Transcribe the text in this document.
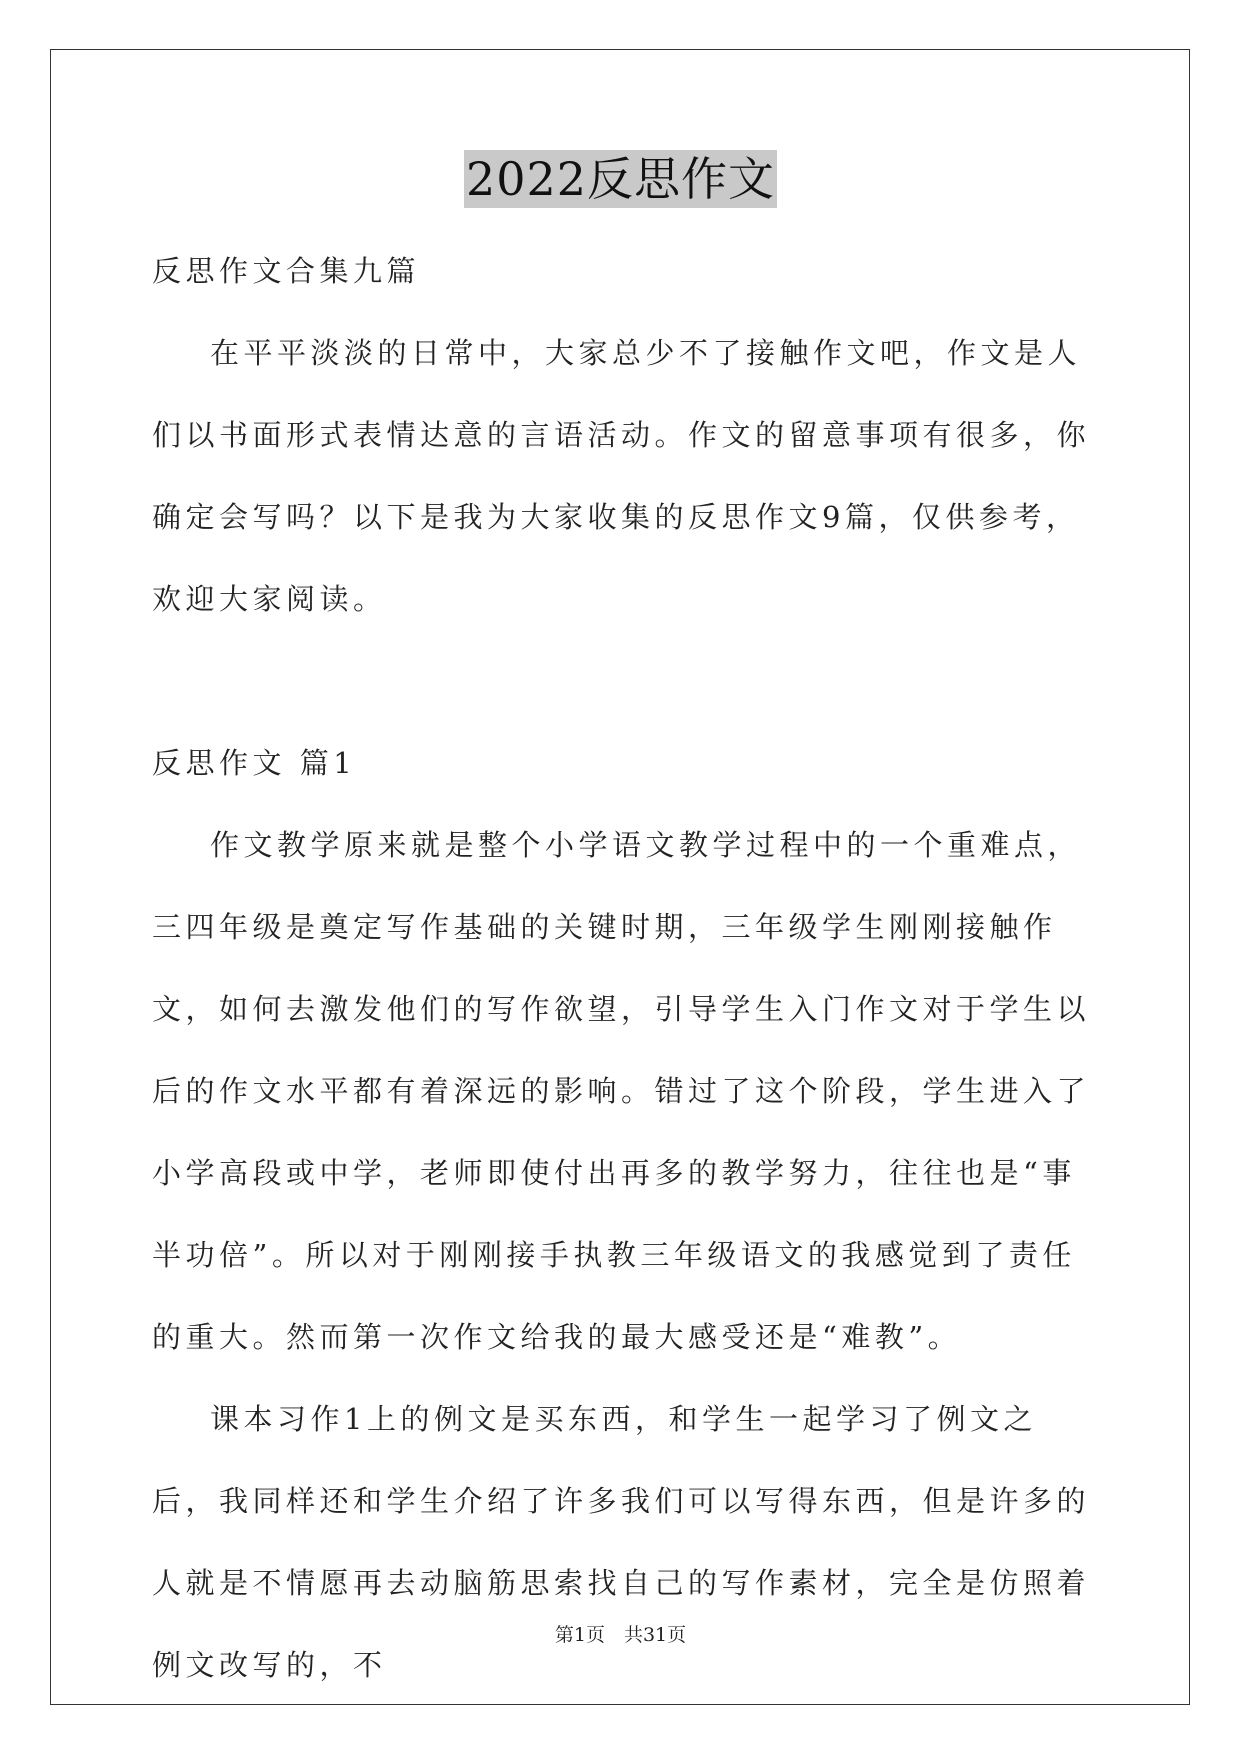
2022反思作文

反思作文合集九篇

在平平淡淡的日常中，大家总少不了接触作文吧，作文是人们以书面形式表情达意的言语活动。作文的留意事项有很多，你确定会写吗？以下是我为大家收集的反思作文9篇，仅供参考，欢迎大家阅读。

反思作文 篇1

作文教学原来就是整个小学语文教学过程中的一个重难点，三四年级是奠定写作基础的关键时期，三年级学生刚刚接触作文，如何去激发他们的写作欲望，引导学生入门作文对于学生以后的作文水平都有着深远的影响。错过了这个阶段，学生进入了小学高段或中学，老师即使付出再多的教学努力，往往也是“事半功倍”。所以对于刚刚接手执教三年级语文的我感觉到了责任的重大。然而第一次作文给我的最大感受还是“难教”。

课本习作1上的例文是买东西，和学生一起学习了例文之后，我同样还和学生介绍了许多我们可以写得东西，但是许多的人就是不情愿再去动脑筋思索找自己的写作素材，完全是仿照着例文改写的，不

第1页　共31页
